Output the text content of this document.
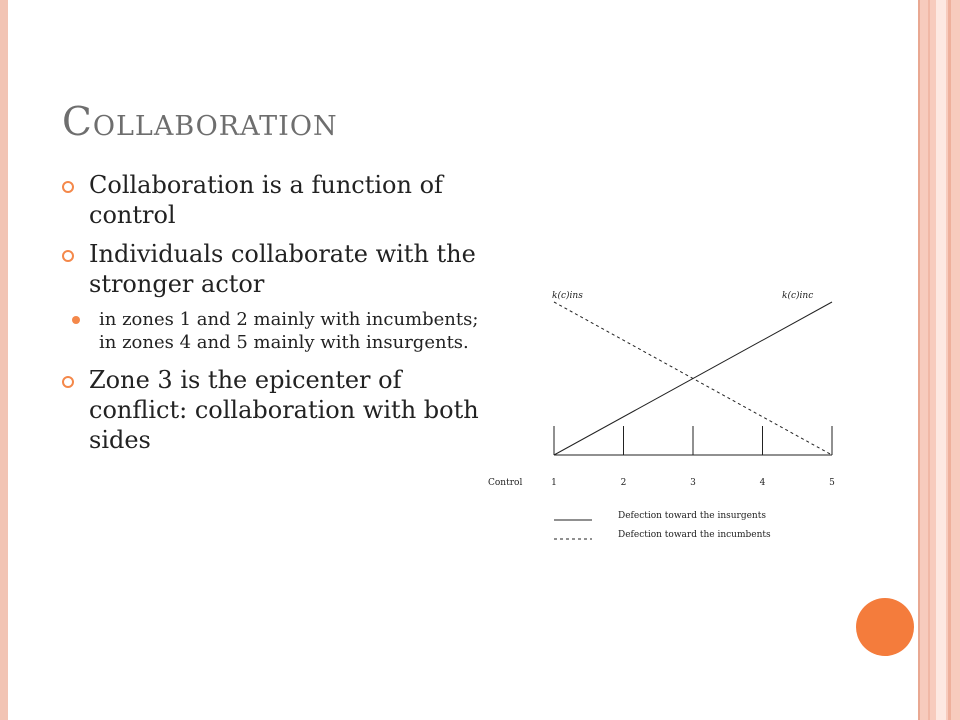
Collaboration
Collaboration is a function of control
Individuals collaborate with the stronger actor
in zones 1 and 2 mainly with incumbents; in zones 4 and 5 mainly with insurgents.
Zone 3 is the epicenter of conflict: collaboration with both sides
k(c)ins	k(c)inc
Control	1	2	3	4	5
Defection toward the insurgents
Defection toward the incumbents
